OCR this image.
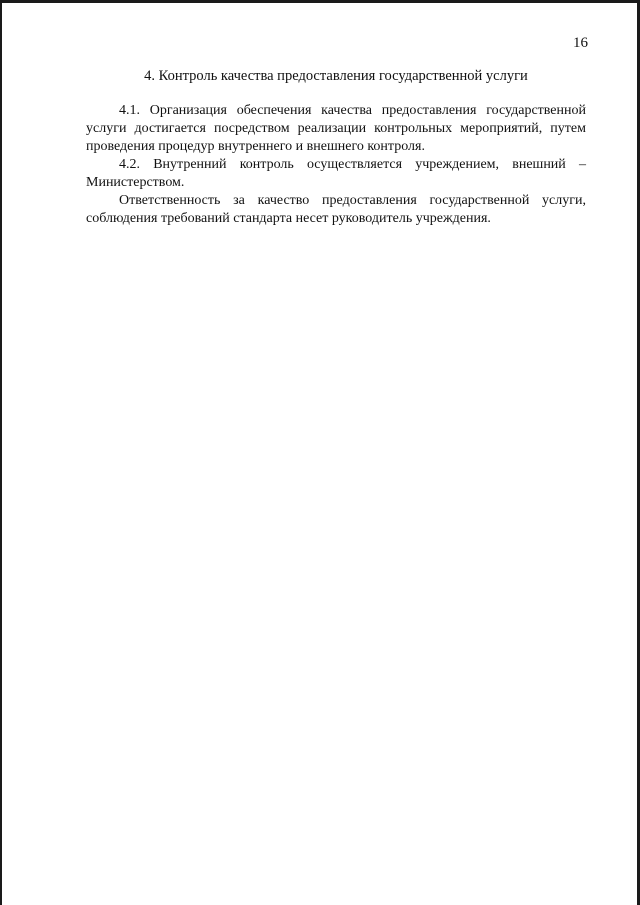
16
4. Контроль качества предоставления государственной услуги

4.1. Организация обеспечения качества предоставления государственной услуги достигается посредством реализации контрольных мероприятий, путем проведения процедур внутреннего и внешнего контроля.

4.2. Внутренний контроль осуществляется учреждением, внешний – Министерством.

Ответственность за качество предоставления государственной услуги, соблюдения требований стандарта несет руководитель учреждения.
